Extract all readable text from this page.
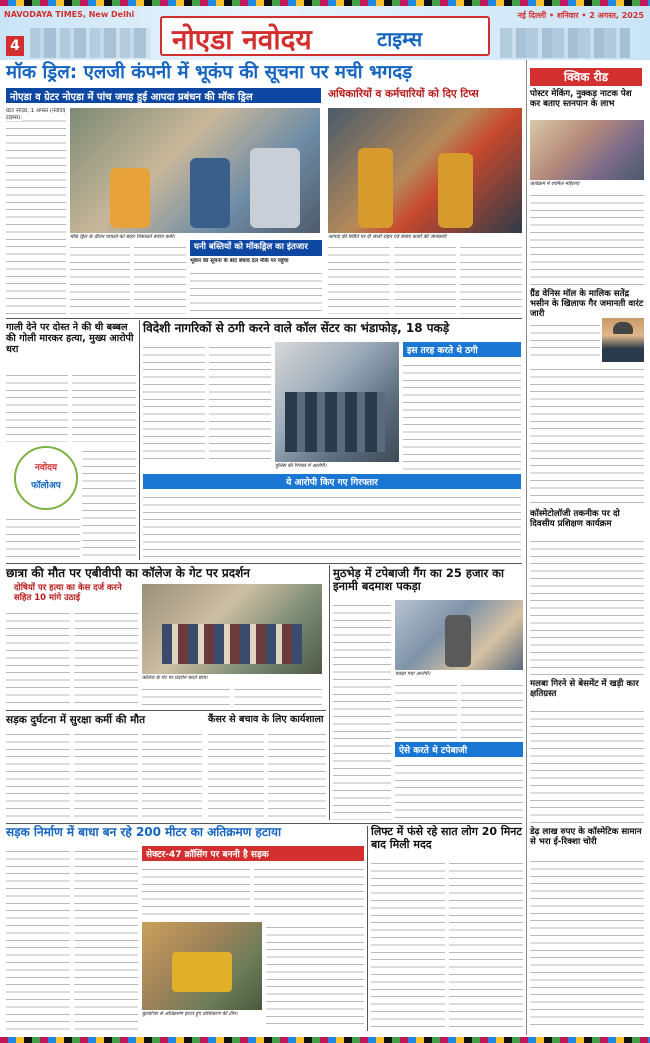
NAVODAYA TIMES, New Delhi
4	नोएडा नवोदय	टाइम्स
नई दिल्ली • शनिवार • 2 अगस्त, 2025
मॉक ड्रिल: एलजी कंपनी में भूकंप की सूचना पर मची भगदड़
नोएडा व ग्रेटर नोएडा में पांच जगह हुई आपदा प्रबंधन की मॉक ड्रिल	अधिकारियों व कर्मचारियों को दिए टिप्स
ग्रेटर नोएडा, 1 अगस्त (नवोदय टाइम्स):
मॉक ड्रिल के दौरान घायलों को बाहर निकालते बचाव कर्मी।	आपदा की स्थिति पर दी जाती राहत एवं बचाव कार्यों की जानकारी
घनी बस्तियों को मॉकड्रिल का इंतजार
भूकंप की सूचना के बाद बचाव दल मौके पर पहुंचा
गाली देने पर दोस्त ने की थी बब्बल की गोली मारकर हत्या, मुख्य आरोपी धरा
नवोदय
फॉलोअप
विदेशी नागरिकों से ठगी करने वाले कॉल सेंटर का भंडाफोड़, 18 पकड़े
पुलिस की गिरफ्त में आरोपी।
इस तरह करते थे ठगी
ये आरोपी किए गए गिरफ्तार
छात्रा की मौत पर एबीवीपी का कॉलेज के गेट पर प्रदर्शन
दोषियों पर हत्या का केस दर्ज करने सहित 10 मांगे उठाई
कॉलेज के गेट पर प्रदर्शन करते छात्र।
सड़क दुर्घटना में सुरक्षा कर्मी की मौत	कैंसर से बचाव के लिए कार्यशाला
मुठभेड़ में टपेबाजी गैंग का 25 हजार का इनामी बदमाश पकड़ा
पकड़ा गया आरोपी।
ऐसे करते थे टपेबाजी
सड़क निर्माण में बाधा बन रहे 200 मीटर का अतिक्रमण हटाया
सेक्टर-47 क्रॉसिंग पर बननी है सड़क
बुलडोजर से अतिक्रमण हटाते हुए प्राधिकरण की टीम।
लिफ्ट में फंसे रहे सात लोग 20 मिनट बाद मिली मदद
क्विक रीड
पोस्टर मेकिंग, नुक्कड़ नाटक पेश कर बताए स्तनपान के लाभ
कार्यक्रम में शामिल महिलाएं
ग्रैंड वेनिस मॉल के मालिक सतेंद्र भसीन के खिलाफ गैर जमानती वारंट जारी
कॉस्मेटोलॉजी तकनीक पर दो दिवसीय प्रशिक्षण कार्यक्रम
मलबा गिरने से बेसमेंट में खड़ी कार क्षतिग्रस्त
डेढ़ लाख रुपए के कॉस्मेटिक सामान से भरा ई-रिक्शा चोरी
